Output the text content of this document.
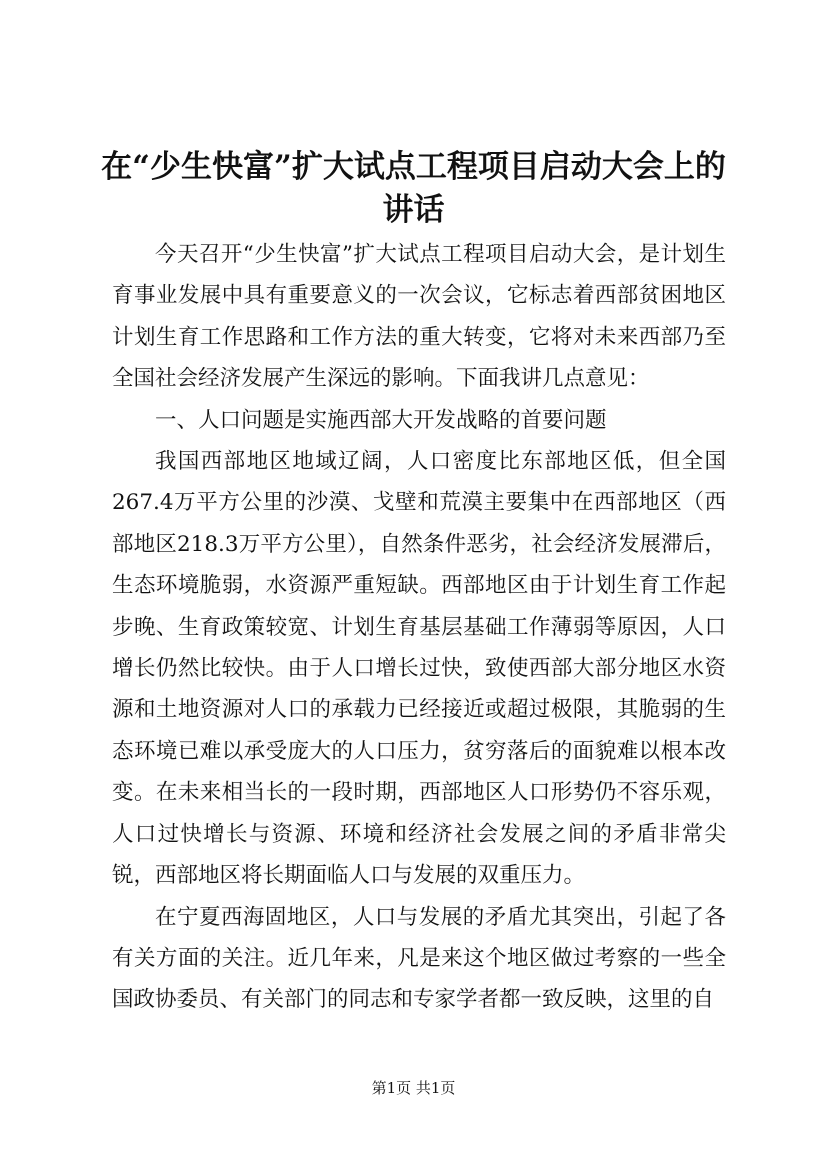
在“少生快富”扩大试点工程项目启动大会上的讲话

今天召开“少生快富”扩大试点工程项目启动大会，是计划生育事业发展中具有重要意义的一次会议，它标志着西部贫困地区计划生育工作思路和工作方法的重大转变，它将对未来西部乃至全国社会经济发展产生深远的影响。下面我讲几点意见：

一、人口问题是实施西部大开发战略的首要问题

我国西部地区地域辽阔，人口密度比东部地区低，但全国267.4万平方公里的沙漠、戈壁和荒漠主要集中在西部地区（西部地区218.3万平方公里），自然条件恶劣，社会经济发展滞后，生态环境脆弱，水资源严重短缺。西部地区由于计划生育工作起步晚、生育政策较宽、计划生育基层基础工作薄弱等原因，人口增长仍然比较快。由于人口增长过快，致使西部大部分地区水资源和土地资源对人口的承载力已经接近或超过极限，其脆弱的生态环境已难以承受庞大的人口压力，贫穷落后的面貌难以根本改变。在未来相当长的一段时期，西部地区人口形势仍不容乐观，人口过快增长与资源、环境和经济社会发展之间的矛盾非常尖锐，西部地区将长期面临人口与发展的双重压力。

在宁夏西海固地区，人口与发展的矛盾尤其突出，引起了各有关方面的关注。近几年来，凡是来这个地区做过考察的一些全国政协委员、有关部门的同志和专家学者都一致反映，这里的自

第1页 共1页
